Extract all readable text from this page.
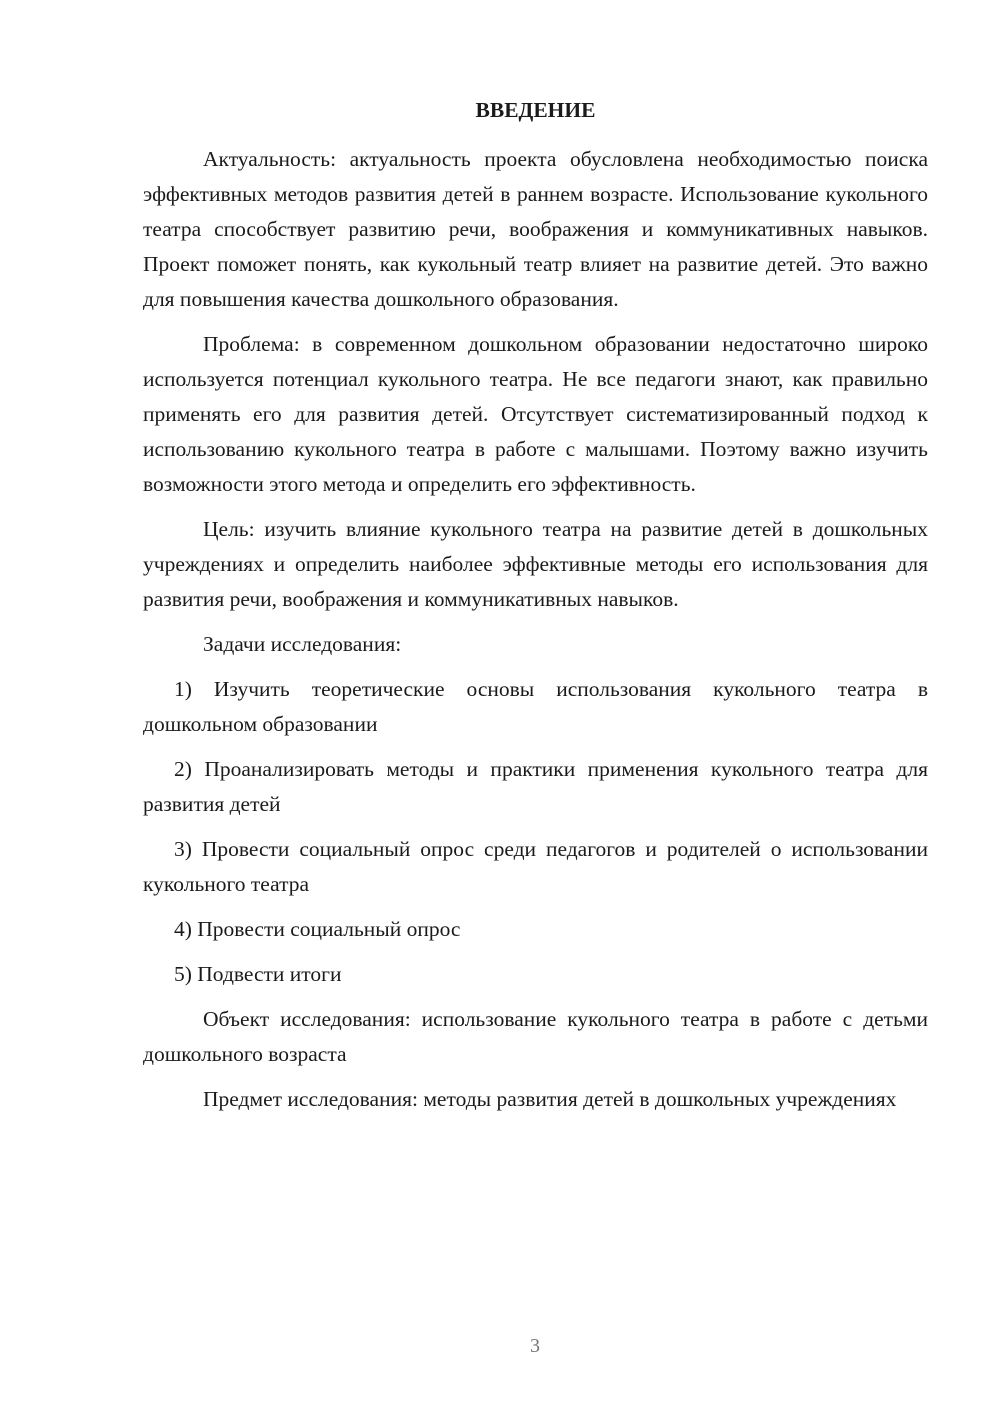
ВВЕДЕНИЕ

Актуальность: актуальность проекта обусловлена необходимостью поиска эффективных методов развития детей в раннем возрасте. Использование кукольного театра способствует развитию речи, воображения и коммуникативных навыков. Проект поможет понять, как кукольный театр влияет на развитие детей. Это важно для повышения качества дошкольного образования.

Проблема: в современном дошкольном образовании недостаточно широко используется потенциал кукольного театра. Не все педагоги знают, как правильно применять его для развития детей. Отсутствует систематизированный подход к использованию кукольного театра в работе с малышами. Поэтому важно изучить возможности этого метода и определить его эффективность.

Цель: изучить влияние кукольного театра на развитие детей в дошкольных учреждениях и определить наиболее эффективные методы его использования для развития речи, воображения и коммуникативных навыков.

Задачи исследования:

1) Изучить теоретические основы использования кукольного театра в дошкольном образовании

2) Проанализировать методы и практики применения кукольного театра для развития детей

3) Провести социальный опрос среди педагогов и родителей о использовании кукольного театра

4) Провести социальный опрос

5) Подвести итоги

Объект исследования: использование кукольного театра в работе с детьми дошкольного возраста

Предмет исследования: методы развития детей в дошкольных учреждениях

3
